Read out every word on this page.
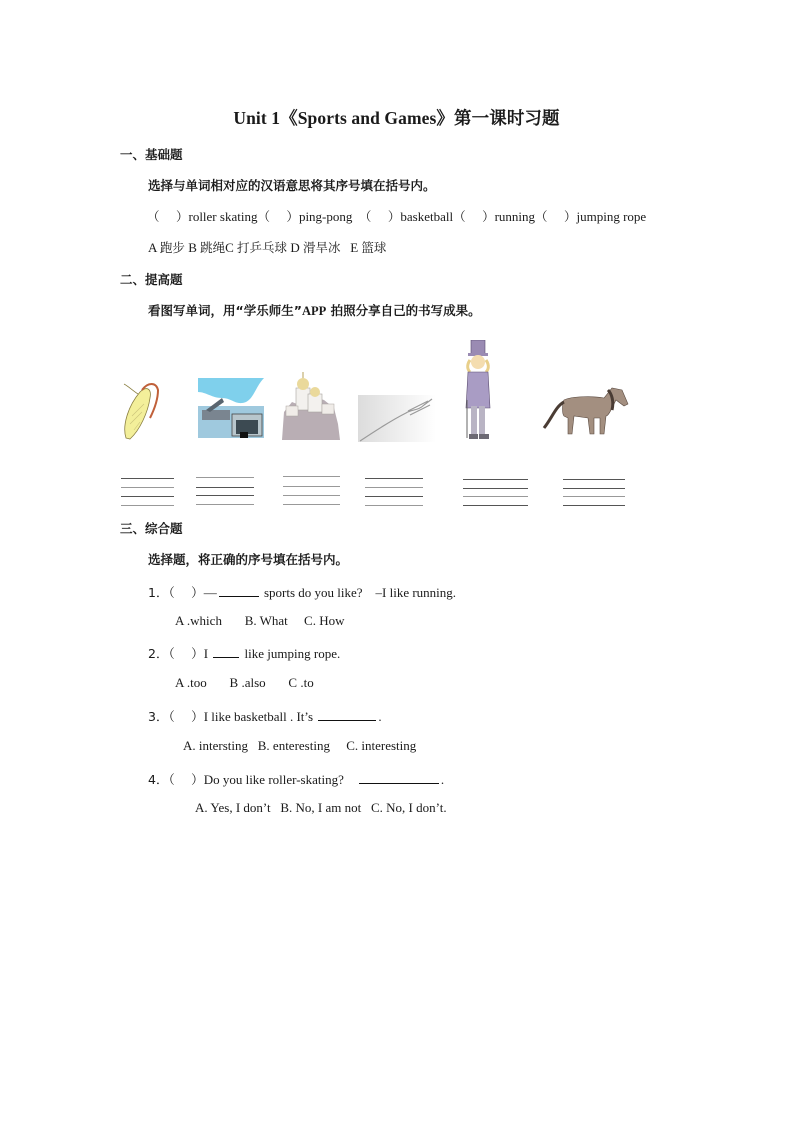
Unit 1《Sports and Games》第一课时习题
一、基础题
选择与单词相对应的汉语意思将其序号填在括号内。
（　 ）roller skating（　 ）ping-pong （　 ）basketball（　 ）running（　 ）jumping rope
A 跑步 B 跳绳C 打乒乓球 D 滑旱冰 E 篮球
二、提高题
看图写单词，用“学乐师生”APP 拍照分享自己的书写成果。
三、综合题
选择题，将正确的序号填在括号内。
1．（　 ）—	sports do you like?　–I like running.
A .which B. What C. How
2．（　 ）I  like jumping rope.
A .too B .also C .to
3．（　 ）I like basketball . It’s	.
A. intersting B. enteresting C. interesting
4．（　 ）Do you like roller-skating?　	.
A. Yes, I don’t B. No, I am not C. No, I don’t.
